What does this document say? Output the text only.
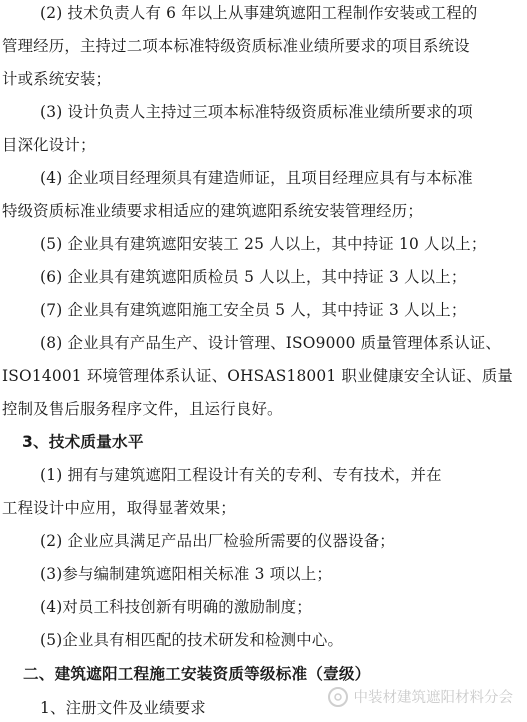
(2) 技术负责人有 6 年以上从事建筑遮阳工程制作安装或工程的
管理经历，主持过二项本标准特级资质标准业绩所要求的项目系统设
计或系统安装；
(3) 设计负责人主持过三项本标准特级资质标准业绩所要求的项
目深化设计；
(4) 企业项目经理须具有建造师证，且项目经理应具有与本标准
特级资质标准业绩要求相适应的建筑遮阳系统安装管理经历；
(5) 企业具有建筑遮阳安装工 25 人以上，其中持证 10 人以上；
(6) 企业具有建筑遮阳质检员 5 人以上，其中持证 3 人以上；
(7) 企业具有建筑遮阳施工安全员 5 人，其中持证 3 人以上；
(8) 企业具有产品生产、设计管理、ISO9000 质量管理体系认证、
ISO14001 环境管理体系认证、OHSAS18001 职业健康安全认证、质量
控制及售后服务程序文件，且运行良好。
3、技术质量水平
(1) 拥有与建筑遮阳工程设计有关的专利、专有技术，并在
工程设计中应用，取得显著效果；
(2) 企业应具满足产品出厂检验所需要的仪器设备；
(3)参与编制建筑遮阳相关标准 3 项以上；
(4)对员工科技创新有明确的激励制度；
(5)企业具有相匹配的技术研发和检测中心。
二、建筑遮阳工程施工安装资质等级标准（壹级）
1、注册文件及业绩要求
中装材建筑遮阳材料分会
